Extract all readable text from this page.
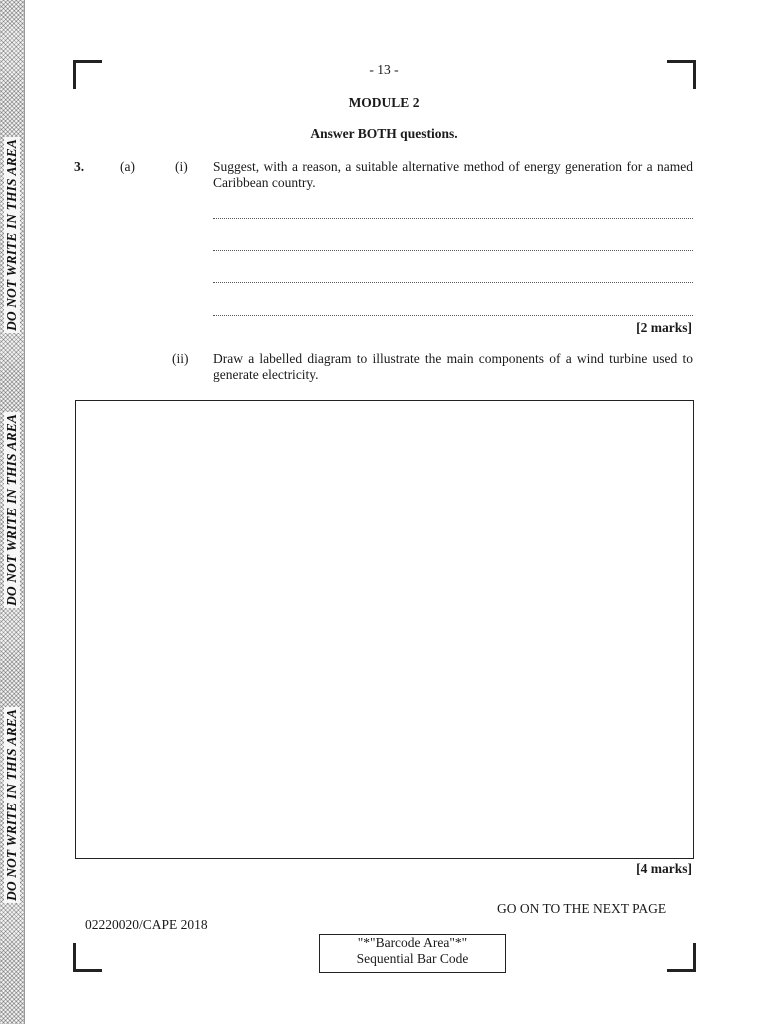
DO NOT WRITE IN THIS AREA
DO NOT WRITE IN THIS AREA
DO NOT WRITE IN THIS AREA
- 13 -
MODULE 2
Answer BOTH questions.
3.	(a)	(i) Suggest, with a reason, a suitable alternative method of energy generation for a named Caribbean country.
[2 marks]
(ii) Draw a labelled diagram to illustrate the main components of a wind turbine used to generate electricity.
[4 marks]
GO ON TO THE NEXT PAGE
02220020/CAPE 2018
"*"Barcode Area"*"
Sequential Bar Code
